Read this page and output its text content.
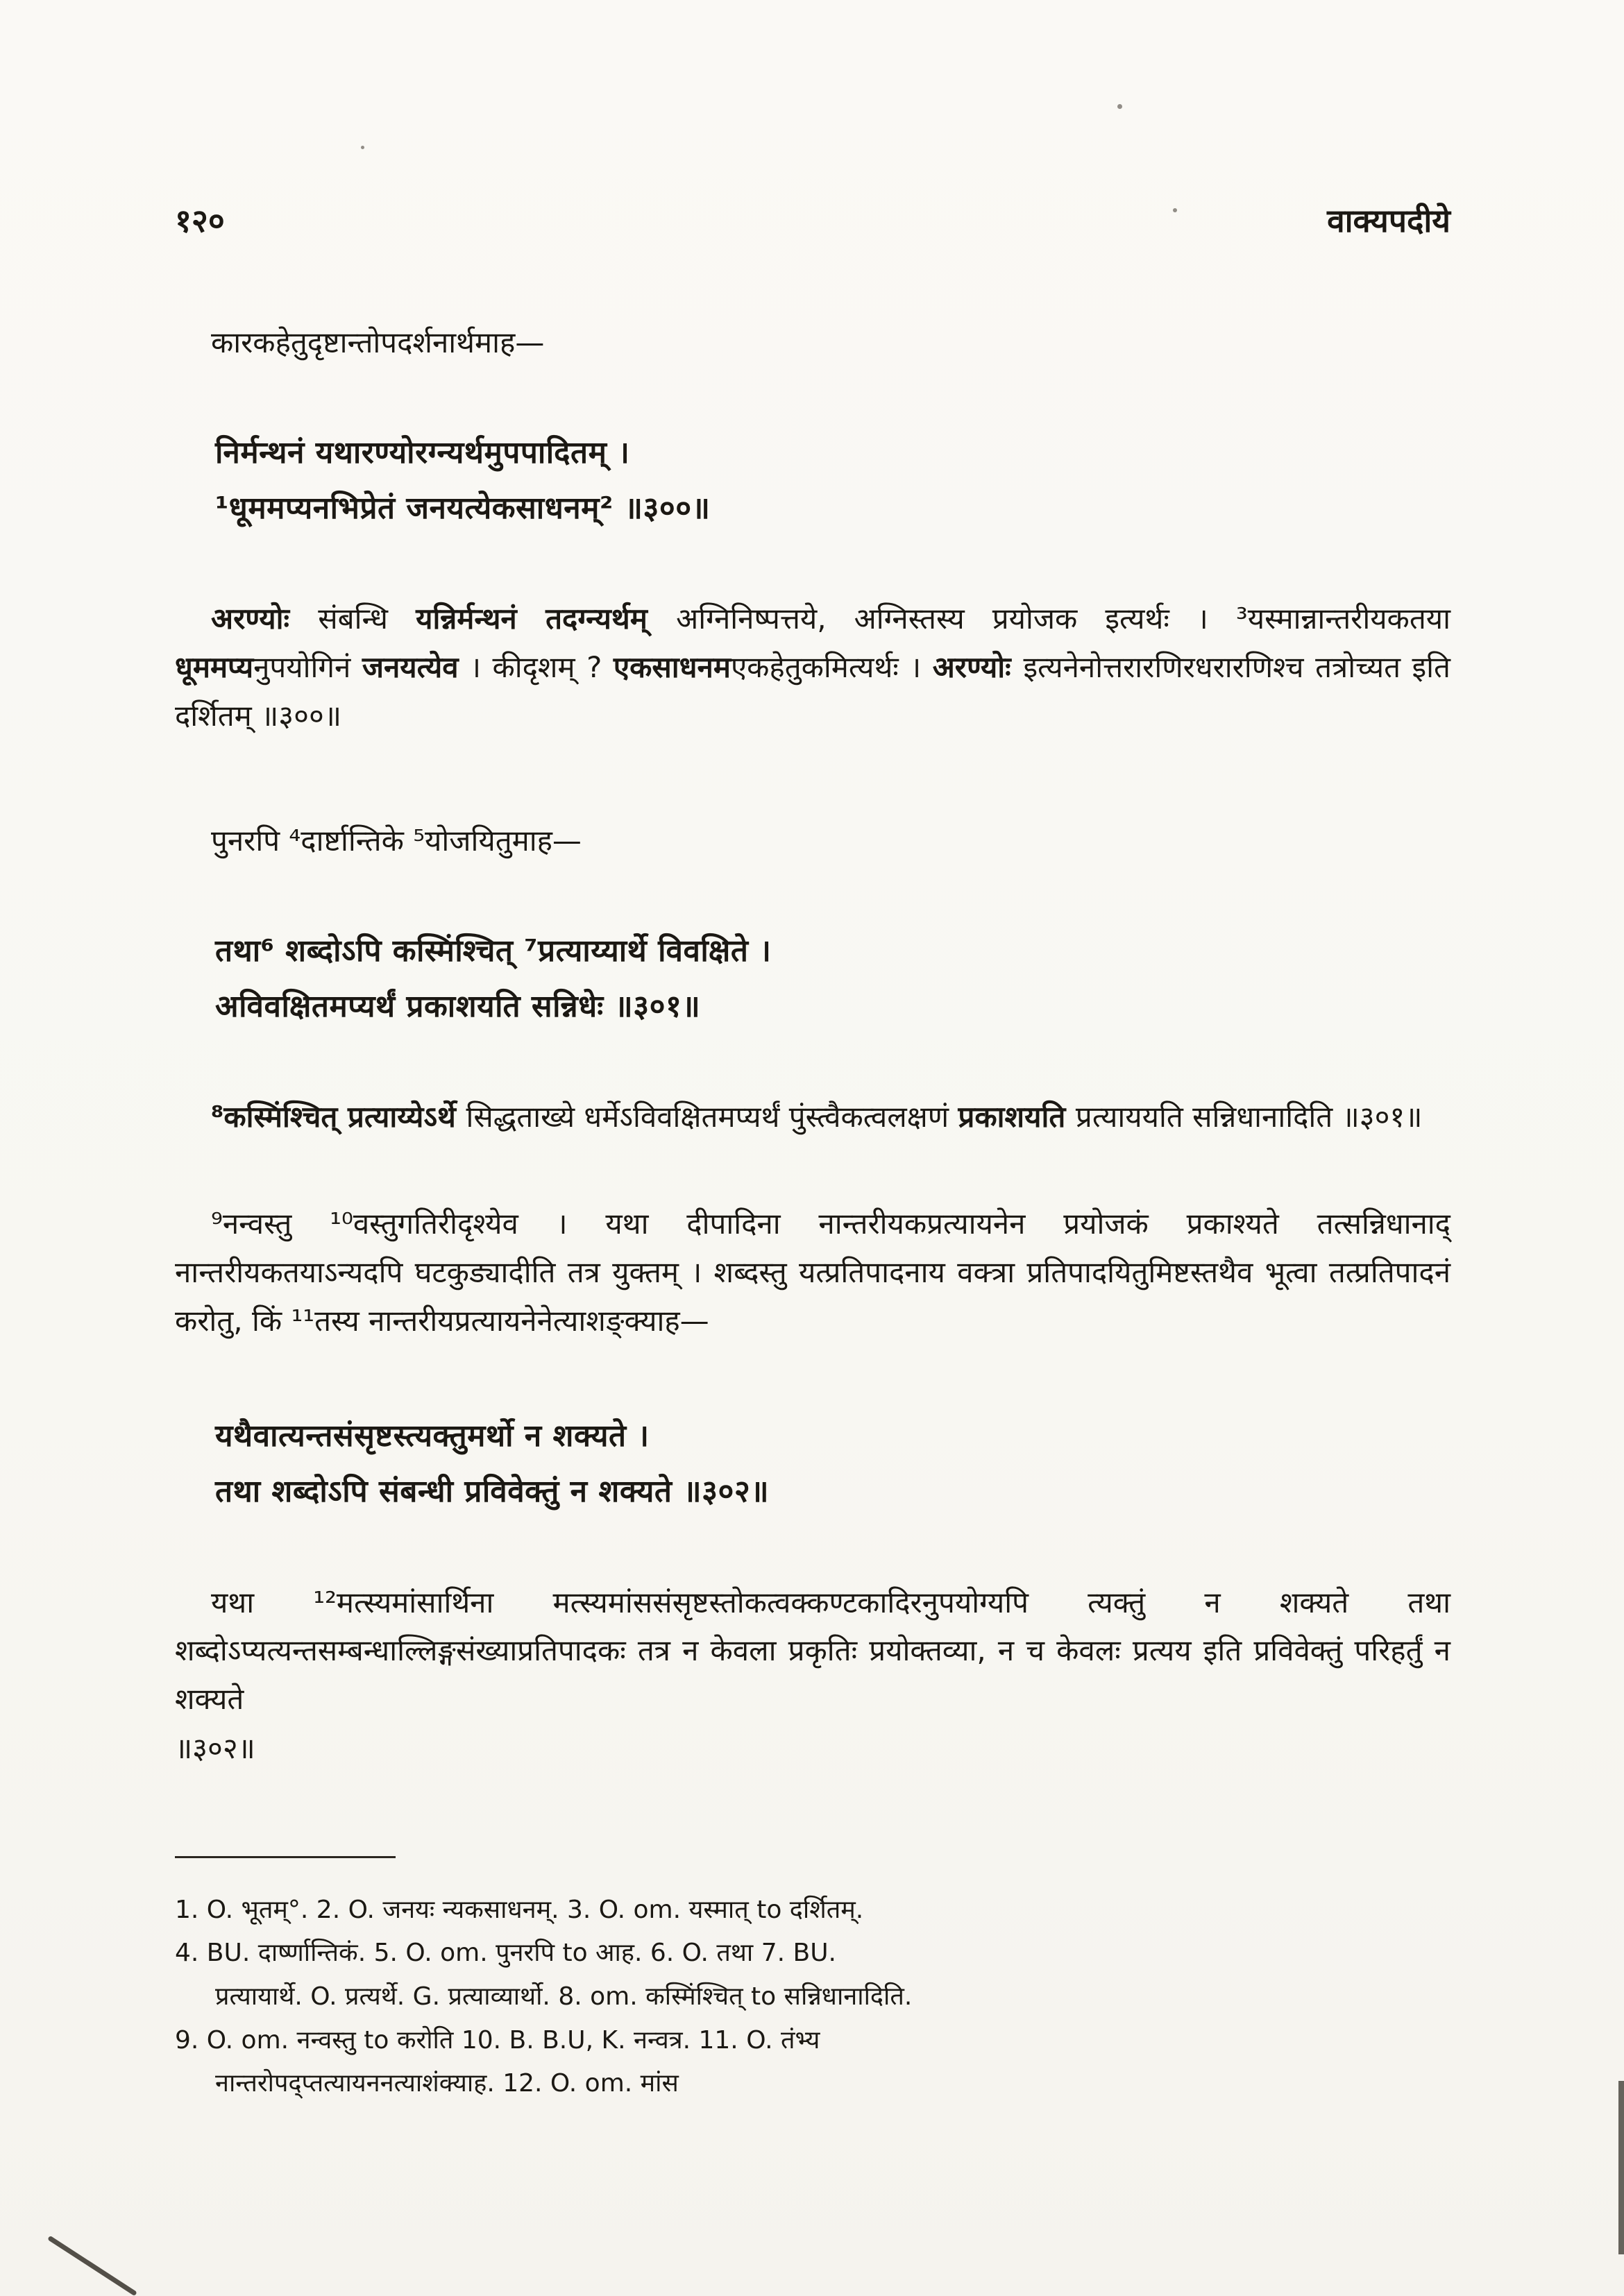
१२०	वाक्यपदीये

कारकहेतुदृष्टान्तोपदर्शनार्थमाह—

निर्मन्थनं यथारण्योरग्न्यर्थमुपपादितम् ।
¹धूममप्यनभिप्रेतं जनयत्येकसाधनम्² ॥३००॥

अरण्योः संबन्धि यन्निर्मन्थनं तदग्न्यर्थम् अग्निनिष्पत्तये, अग्निस्तस्य प्रयोजक इत्यर्थः । ³यस्मान्नान्तरीयकतया धूममप्यनुपयोगिनं जनयत्येव । कीदृशम् ? एकसाधनमएकहेतुकमित्यर्थः । अरण्योः इत्यनेनोत्तरारणिरधरारणिश्च तत्रोच्यत इति दर्शितम् ॥३००॥

पुनरपि ⁴दार्ष्टान्तिके ⁵योजयितुमाह—

तथा⁶ शब्दोऽपि कस्मिंश्चित् ⁷प्रत्याय्यार्थे विवक्षिते ।
अविवक्षितमप्यर्थं प्रकाशयति सन्निधेः ॥३०१॥

⁸कस्मिंश्चित् प्रत्याय्येऽर्थे सिद्धताख्ये धर्मेऽविवक्षितमप्यर्थं पुंस्त्वैकत्वलक्षणं प्रकाशयति प्रत्याययति सन्निधानादिति ॥३०१॥

⁹नन्वस्तु ¹⁰वस्तुगतिरीदृश्येव । यथा दीपादिना नान्तरीयकप्रत्यायनेन प्रयोजकं प्रकाश्यते तत्सन्निधानाद् नान्तरीयकतयाऽन्यदपि घटकुड्यादीति तत्र युक्तम् । शब्दस्तु यत्प्रतिपादनाय वक्त्रा प्रतिपादयितुमिष्टस्तथैव भूत्वा तत्प्रतिपादनं करोतु, किं ¹¹तस्य नान्तरीयप्रत्यायनेनेत्याशङ्क्याह—

यथैवात्यन्तसंसृष्टस्त्यक्तुमर्थो न शक्यते ।
तथा शब्दोऽपि संबन्धी प्रविवेक्तुं न शक्यते ॥३०२॥

यथा ¹²मत्स्यमांसार्थिना मत्स्यमांससंसृष्टस्तोकत्वक्कण्टकादिरनुपयोग्यपि त्यक्तुं न शक्यते तथा शब्दोऽप्यत्यन्तसम्बन्धाल्लिङ्गसंख्याप्रतिपादकः तत्र न केवला प्रकृतिः प्रयोक्तव्या, न च केवलः प्रत्यय इति प्रविवेक्तुं परिहर्तुं न शक्यते

॥३०२॥

1. O. भूतम्°. 2. O. जनयः न्यकसाधनम्. 3. O. om. यस्मात् to दर्शितम्.
4. BU. दार्ष्णान्तिकं. 5. O. om. पुनरपि to आह. 6. O. तथा 7. BU.
प्रत्यायार्थे. O. प्रत्यर्थे. G. प्रत्याव्यार्थो. 8. om. कस्मिंश्चित् to सन्निधानादिति.
9. O. om. नन्वस्तु to करोति 10. B. B.U, K. नन्वत्र. 11. O. तंभ्य
नान्तरोपद्प्तत्यायननत्याशंक्याह. 12. O. om. मांस
